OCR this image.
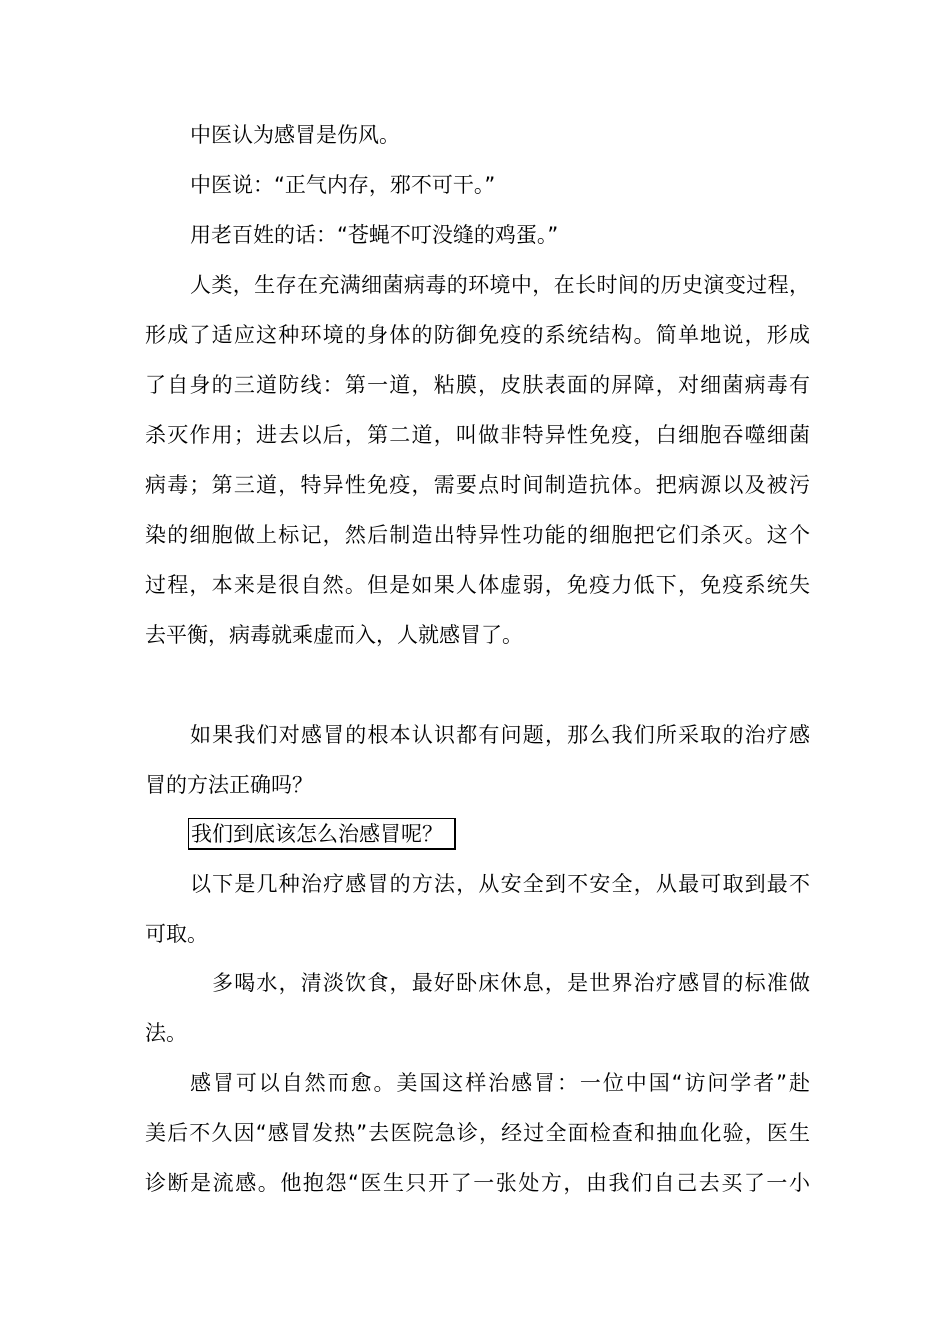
中医认为感冒是伤风。
中医说：“正气内存，邪不可干。”
用老百姓的话：“苍蝇不叮没缝的鸡蛋。”
人类，生存在充满细菌病毒的环境中，在长时间的历史演变过程，
形成了适应这种环境的身体的防御免疫的系统结构。简单地说，形成
了自身的三道防线：第一道，粘膜，皮肤表面的屏障，对细菌病毒有
杀灭作用；进去以后，第二道，叫做非特异性免疫，白细胞吞噬细菌
病毒；第三道，特异性免疫，需要点时间制造抗体。把病源以及被污
染的细胞做上标记，然后制造出特异性功能的细胞把它们杀灭。这个
过程，本来是很自然。但是如果人体虚弱，免疫力低下，免疫系统失
去平衡，病毒就乘虚而入，人就感冒了。
如果我们对感冒的根本认识都有问题，那么我们所采取的治疗感
冒的方法正确吗？
我们到底该怎么治感冒呢？
以下是几种治疗感冒的方法，从安全到不安全，从最可取到最不
可取。
多喝水，清淡饮食，最好卧床休息，是世界治疗感冒的标准做
法。
感冒可以自然而愈。美国这样治感冒：一位中国“访问学者”赴
美后不久因“感冒发热”去医院急诊，经过全面检查和抽血化验，医生
诊断是流感。他抱怨“医生只开了一张处方，由我们自己去买了一小
